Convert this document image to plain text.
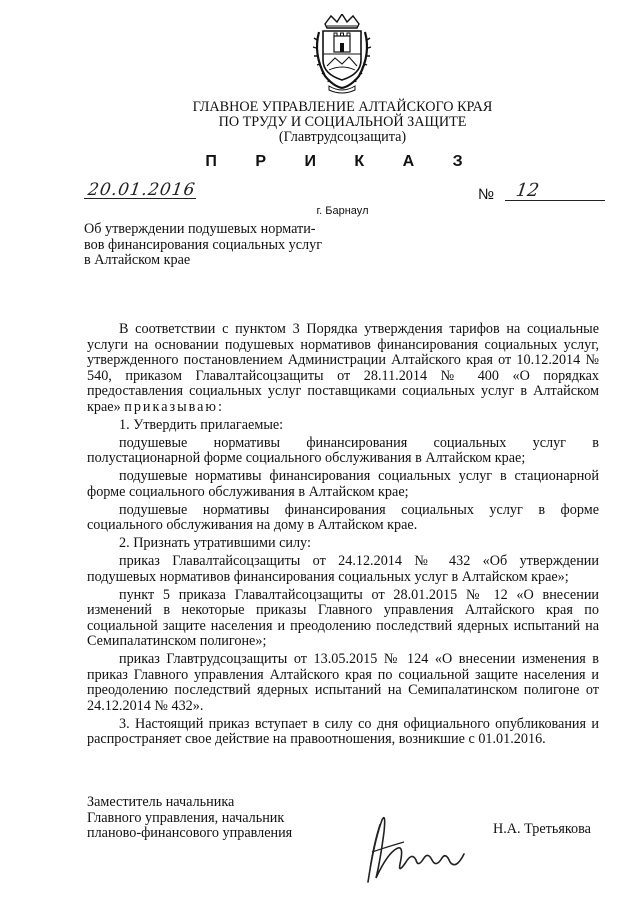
ГЛАВНОЕ УПРАВЛЕНИЕ АЛТАЙСКОГО КРАЯ
ПО ТРУДУ И СОЦИАЛЬНОЙ ЗАЩИТЕ
(Главтрудсоцзащита)
П Р И К А З
20.01.2016
г. Барнаул
№ 12
Об утверждении подушевых нормати-
вов финансирования социальных услуг
в Алтайском крае

В соответствии с пунктом 3 Порядка утверждения тарифов на социальные услуги на основании подушевых нормативов финансирования социальных услуг, утвержденного постановлением Администрации Алтайского края от 10.12.2014 № 540, приказом Главалтайсоцзащиты от 28.11.2014 № 400 «О порядках предоставления социальных услуг поставщиками социальных услуг в Алтайском крае» приказываю:

1. Утвердить прилагаемые:

подушевые нормативы финансирования социальных услуг в полустационарной форме социального обслуживания в Алтайском крае;

подушевые нормативы финансирования социальных услуг в стационарной форме социального обслуживания в Алтайском крае;

подушевые нормативы финансирования социальных услуг в форме социального обслуживания на дому в Алтайском крае.

2. Признать утратившими силу:

приказ Главалтайсоцзащиты от 24.12.2014 № 432 «Об утверждении подушевых нормативов финансирования социальных услуг в Алтайском крае»;

пункт 5 приказа Главалтайсоцзащиты от 28.01.2015 № 12 «О внесении изменений в некоторые приказы Главного управления Алтайского края по социальной защите населения и преодолению последствий ядерных испытаний на Семипалатинском полигоне»;

приказ Главтрудсоцзащиты от 13.05.2015 № 124 «О внесении изменения в приказ Главного управления Алтайского края по социальной защите населения и преодолению последствий ядерных испытаний на Семипалатинском полигоне от 24.12.2014 № 432».

3. Настоящий приказ вступает в силу со дня официального опубликования и распространяет свое действие на правоотношения, возникшие с 01.01.2016.

Заместитель начальника
Главного управления, начальник
планово-финансового управления	Н.А. Третьякова
